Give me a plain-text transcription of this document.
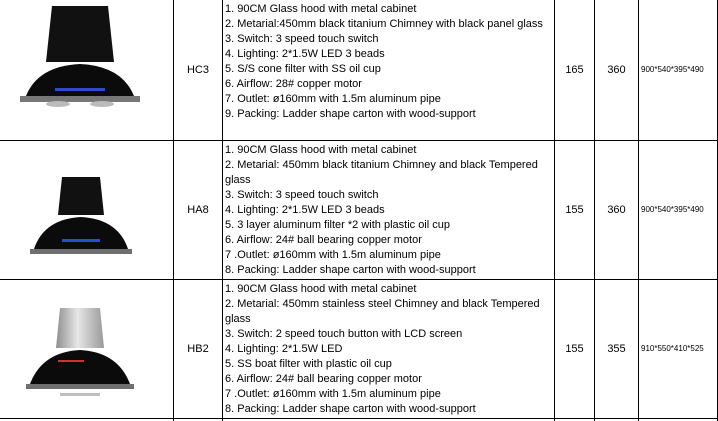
HC3
1. 90CM Glass hood with metal cabinet
2. Metarial:450mm black titanium Chimney with black panel glass
3. Switch: 3 speed touch switch
4. Lighting: 2*1.5W LED 3 beads
5. S/S cone filter with SS oil cup
6. Airflow: 28# copper motor
7. Outlet: ø160mm with 1.5m aluminum pipe
9. Packing: Ladder shape carton with wood-support
165 360 900*540*395*490
HA8
1. 90CM Glass hood with metal cabinet
2. Metarial: 450mm black titanium Chimney and black Tempered glass
3. Switch: 3 speed touch switch
4. Lighting: 2*1.5W LED 3 beads
5. 3 layer aluminum filter *2 with plastic oil cup
6. Airflow: 24# ball bearing copper motor
7 .Outlet: ø160mm with 1.5m aluminum pipe
8. Packing: Ladder shape carton with wood-support
155 360 900*540*395*490
HB2
1. 90CM Glass hood with metal cabinet
2. Metarial: 450mm stainless steel Chimney and black Tempered glass
3. Switch: 2 speed touch button with LCD screen
4. Lighting: 2*1.5W LED
5. SS boat filter with plastic oil cup
6. Airflow: 24# ball bearing copper motor
7 .Outlet: ø160mm with 1.5m aluminum pipe
8. Packing: Ladder shape carton with wood-support
155 355 910*550*410*525
